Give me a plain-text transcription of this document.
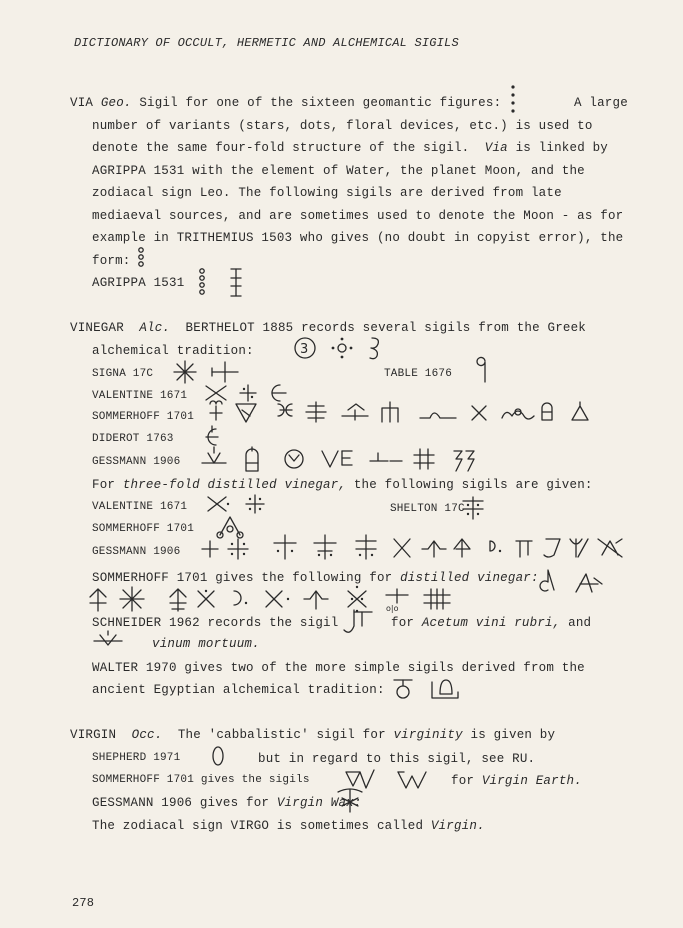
DICTIONARY OF OCCULT, HERMETIC AND ALCHEMICAL SIGILS
VIA Geo. Sigil for one of the sixteen geomantic figures:	A large
number of variants (stars, dots, floral devices, etc.) is used to
denote the same four-fold structure of the sigil. Via is linked by
AGRIPPA 1531 with the element of Water, the planet Moon, and the
zodiacal sign Leo. The following sigils are derived from late
mediaeval sources, and are sometimes used to denote the Moon - as for
example in TRITHEMIUS 1503 who gives (no doubt in copyist error), the
form:
AGRIPPA 1531
VINEGAR Alc. BERTHELOT 1885 records several sigils from the Greek
alchemical tradition:	3
SIGNA 17C	TABLE 1676
VALENTINE 1671
SOMMERHOFF 1701
DIDEROT 1763
GESSMANN 1906
For three-fold distilled vinegar, the following sigils are given:
VALENTINE 1671	SHELTON 17C
SOMMERHOFF 1701
GESSMANN 1906
SOMMERHOFF 1701 gives the following for distilled vinegar:
o|o
SCHNEIDER 1962 records the sigil	for Acetum vini rubri, and
vinum mortuum.
WALTER 1970 gives two of the more simple sigils derived from the
ancient Egyptian alchemical tradition:
VIRGIN Occ. The 'cabbalistic' sigil for virginity is given by
SHEPHERD 1971	but in regard to this sigil, see RU.
SOMMERHOFF 1701 gives the sigils	for Virgin Earth.
GESSMANN 1906 gives for Virgin Wax:
The zodiacal sign VIRGO is sometimes called Virgin.
278
